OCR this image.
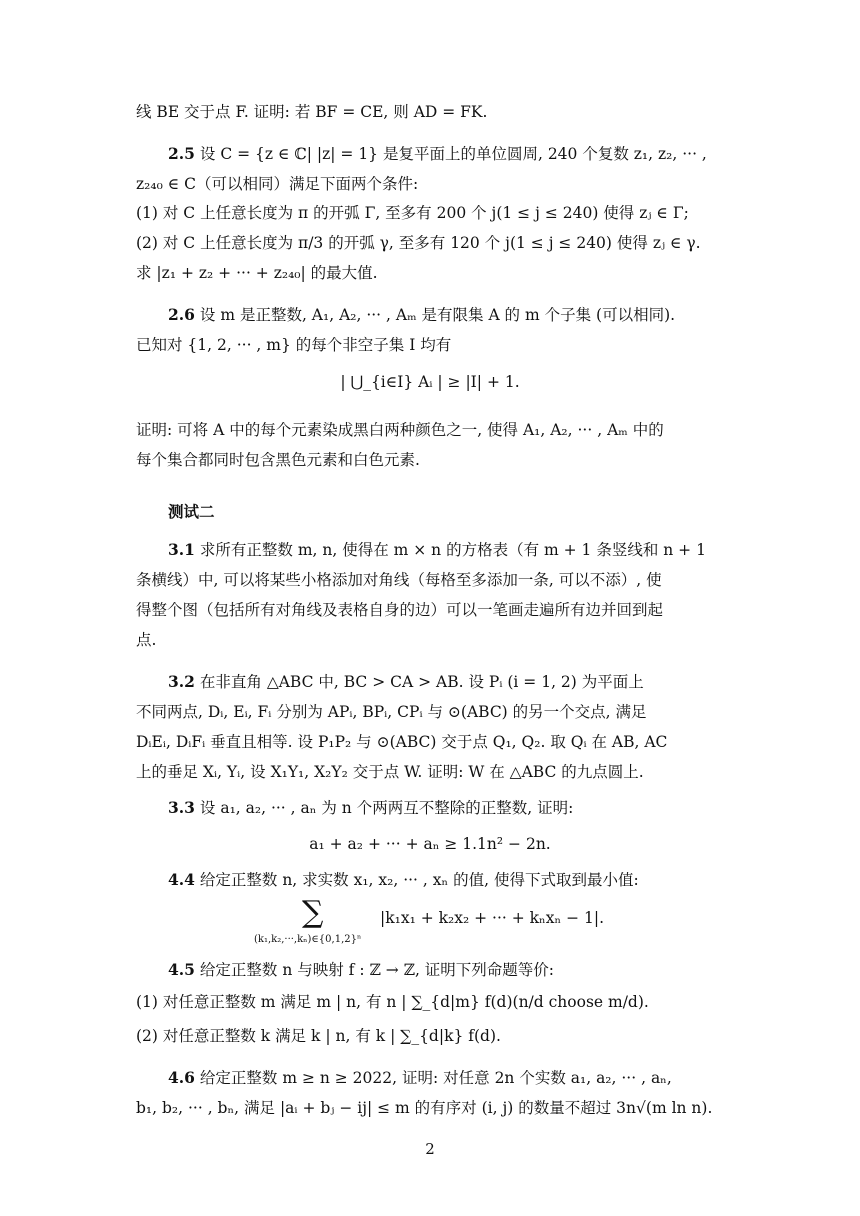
线 BE 交于点 F. 证明: 若 BF = CE, 则 AD = FK.

2.5 设 C = {z ∈ ℂ| |z| = 1} 是复平面上的单位圆周, 240 个复数 z₁, z₂, ··· ,

z₂₄₀ ∈ C（可以相同）满足下面两个条件:

(1) 对 C 上任意长度为 π 的开弧 Γ, 至多有 200 个 j(1 ≤ j ≤ 240) 使得 zⱼ ∈ Γ;

(2) 对 C 上任意长度为 π/3 的开弧 γ, 至多有 120 个 j(1 ≤ j ≤ 240) 使得 zⱼ ∈ γ.

求 |z₁ + z₂ + ··· + z₂₄₀| 的最大值.

2.6 设 m 是正整数, A₁, A₂, ··· , Aₘ 是有限集 A 的 m 个子集 (可以相同).

已知对 {1, 2, ··· , m} 的每个非空子集 I 均有

| ⋃_{i∈I} Aᵢ | ≥ |I| + 1.

证明: 可将 A 中的每个元素染成黑白两种颜色之一, 使得 A₁, A₂, ··· , Aₘ 中的

每个集合都同时包含黑色元素和白色元素.

测试二

3.1 求所有正整数 m, n, 使得在 m × n 的方格表（有 m + 1 条竖线和 n + 1

条横线）中, 可以将某些小格添加对角线（每格至多添加一条, 可以不添）, 使

得整个图（包括所有对角线及表格自身的边）可以一笔画走遍所有边并回到起

点.

3.2 在非直角 △ABC 中, BC > CA > AB. 设 Pᵢ (i = 1, 2) 为平面上

不同两点, Dᵢ, Eᵢ, Fᵢ 分别为 APᵢ, BPᵢ, CPᵢ 与 ⊙(ABC) 的另一个交点, 满足

DᵢEᵢ, DᵢFᵢ 垂直且相等. 设 P₁P₂ 与 ⊙(ABC) 交于点 Q₁, Q₂. 取 Qᵢ 在 AB, AC

上的垂足 Xᵢ, Yᵢ, 设 X₁Y₁, X₂Y₂ 交于点 W. 证明: W 在 △ABC 的九点圆上.

3.3 设 a₁, a₂, ··· , aₙ 为 n 个两两互不整除的正整数, 证明:

a₁ + a₂ + ··· + aₙ ≥ 1.1n² − 2n.

4.4 给定正整数 n, 求实数 x₁, x₂, ··· , xₙ 的值, 使得下式取到最小值:

∑
(k₁,k₂,···,kₙ)∈{0,1,2}ⁿ
|k₁x₁ + k₂x₂ + ··· + kₙxₙ − 1|.

4.5 给定正整数 n 与映射 f : ℤ → ℤ, 证明下列命题等价:

(1) 对任意正整数 m 满足 m | n, 有 n | ∑_{d|m} f(d)(n/d choose m/d).

(2) 对任意正整数 k 满足 k | n, 有 k | ∑_{d|k} f(d).

4.6 给定正整数 m ≥ n ≥ 2022, 证明: 对任意 2n 个实数 a₁, a₂, ··· , aₙ,

b₁, b₂, ··· , bₙ, 满足 |aᵢ + bⱼ − ij| ≤ m 的有序对 (i, j) 的数量不超过 3n√(m ln n).

2
